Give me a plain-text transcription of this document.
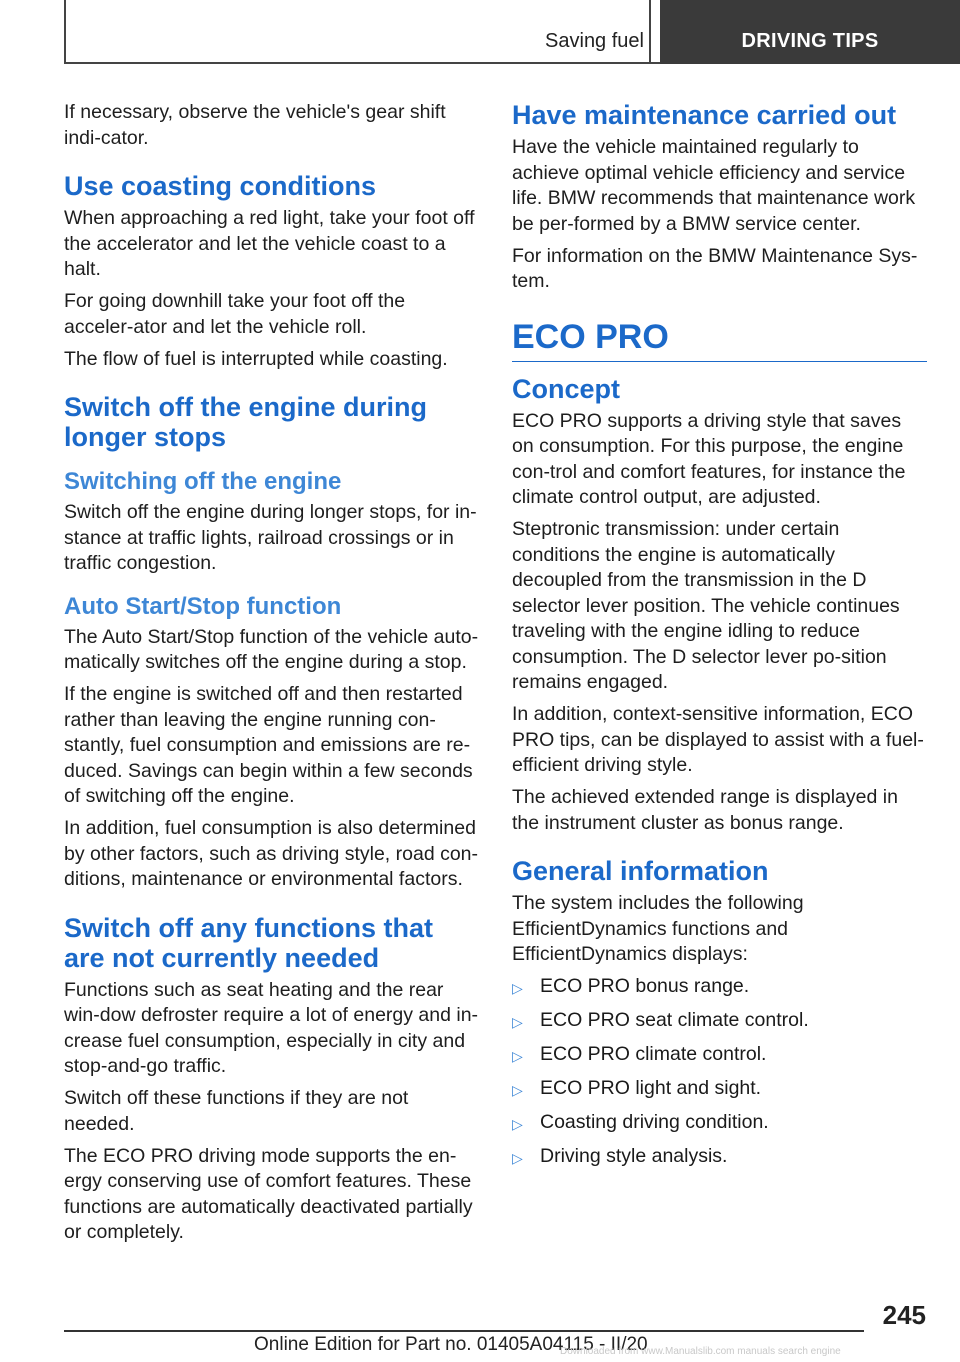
Saving fuel	DRIVING TIPS

If necessary, observe the vehicle's gear shift indi‐cator.

Use coasting conditions

When approaching a red light, take your foot off the accelerator and let the vehicle coast to a halt.

For going downhill take your foot off the acceler‐ator and let the vehicle roll.

The flow of fuel is interrupted while coasting.

Switch off the engine during longer stops
Switching off the engine

Switch off the engine during longer stops, for in‐stance at traffic lights, railroad crossings or in traffic congestion.

Auto Start/Stop function

The Auto Start/Stop function of the vehicle auto‐matically switches off the engine during a stop.

If the engine is switched off and then restarted rather than leaving the engine running con‐stantly, fuel consumption and emissions are re‐duced. Savings can begin within a few seconds of switching off the engine.

In addition, fuel consumption is also determined by other factors, such as driving style, road con‐ditions, maintenance or environmental factors.

Switch off any functions that are not currently needed

Functions such as seat heating and the rear win‐dow defroster require a lot of energy and in‐crease fuel consumption, especially in city and stop-and-go traffic.

Switch off these functions if they are not needed.

The ECO PRO driving mode supports the en‐ergy conserving use of comfort features. These functions are automatically deactivated partially or completely.

Have maintenance carried out

Have the vehicle maintained regularly to achieve optimal vehicle efficiency and service life. BMW recommends that maintenance work be per‐formed by a BMW service center.

For information on the BMW Maintenance Sys‐tem.

ECO PRO
Concept

ECO PRO supports a driving style that saves on consumption. For this purpose, the engine con‐trol and comfort features, for instance the climate control output, are adjusted.

Steptronic transmission: under certain conditions the engine is automatically decoupled from the transmission in the D selector lever position. The vehicle continues traveling with the engine idling to reduce consumption. The D selector lever po‐sition remains engaged.

In addition, context-sensitive information, ECO PRO tips, can be displayed to assist with a fuel-efficient driving style.

The achieved extended range is displayed in the instrument cluster as bonus range.

General information

The system includes the following EfficientDynamics functions and EfficientDynamics displays:

▷ ECO PRO bonus range.
▷ ECO PRO seat climate control.
▷ ECO PRO climate control.
▷ ECO PRO light and sight.
▷ Coasting driving condition.
▷ Driving style analysis.
245
Online Edition for Part no. 01405A04115 - II/20
Downloaded from www.Manualslib.com manuals search engine
